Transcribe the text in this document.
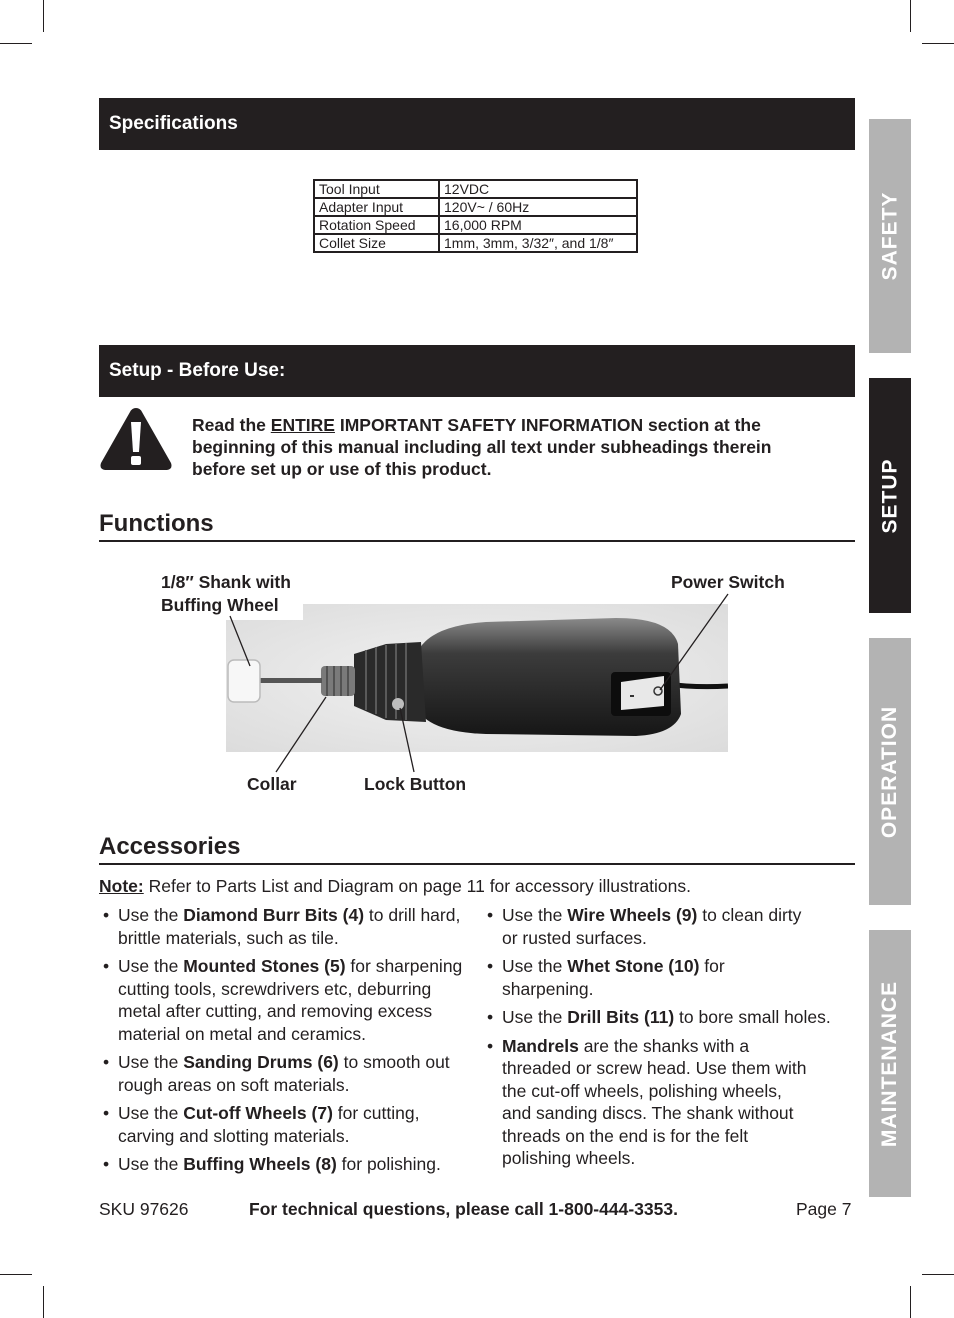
SAFETY
SETUP
OPERATION
MAINTENANCE
Specifications
Tool Input	12VDC
Adapter Input	120V~ / 60Hz
Rotation Speed	16,000 RPM
Collet Size	1mm, 3mm, 3/32″, and 1/8″
Setup - Before Use:
Read the ENTIRE IMPORTANT SAFETY INFORMATION section at the beginning of this manual including all text under subheadings therein before set up or use of this product.
Functions
1/8″ Shank with
Buffing Wheel
Power Switch
Collar	Lock Button
Accessories
Note: Refer to Parts List and Diagram on page 11 for accessory illustrations.
• Use the Diamond Burr Bits (4) to drill hard, brittle materials, such as tile.
• Use the Mounted Stones (5) for sharpening cutting tools, screwdrivers etc, deburring metal after cutting, and removing excess material on metal and ceramics.
• Use the Sanding Drums (6) to smooth out rough areas on soft materials.
• Use the Cut-off Wheels (7) for cutting, carving and slotting materials.
• Use the Buffing Wheels (8) for polishing.
• Use the Wire Wheels (9) to clean dirty or rusted surfaces.
• Use the Whet Stone (10) for sharpening.
• Use the Drill Bits (11) to bore small holes.
• Mandrels are the shanks with a threaded or screw head. Use them with the cut-off wheels, polishing wheels, and sanding discs. The shank without threads on the end is for the felt polishing wheels.
SKU 97626	For technical questions, please call 1-800-444-3353.	Page 7
